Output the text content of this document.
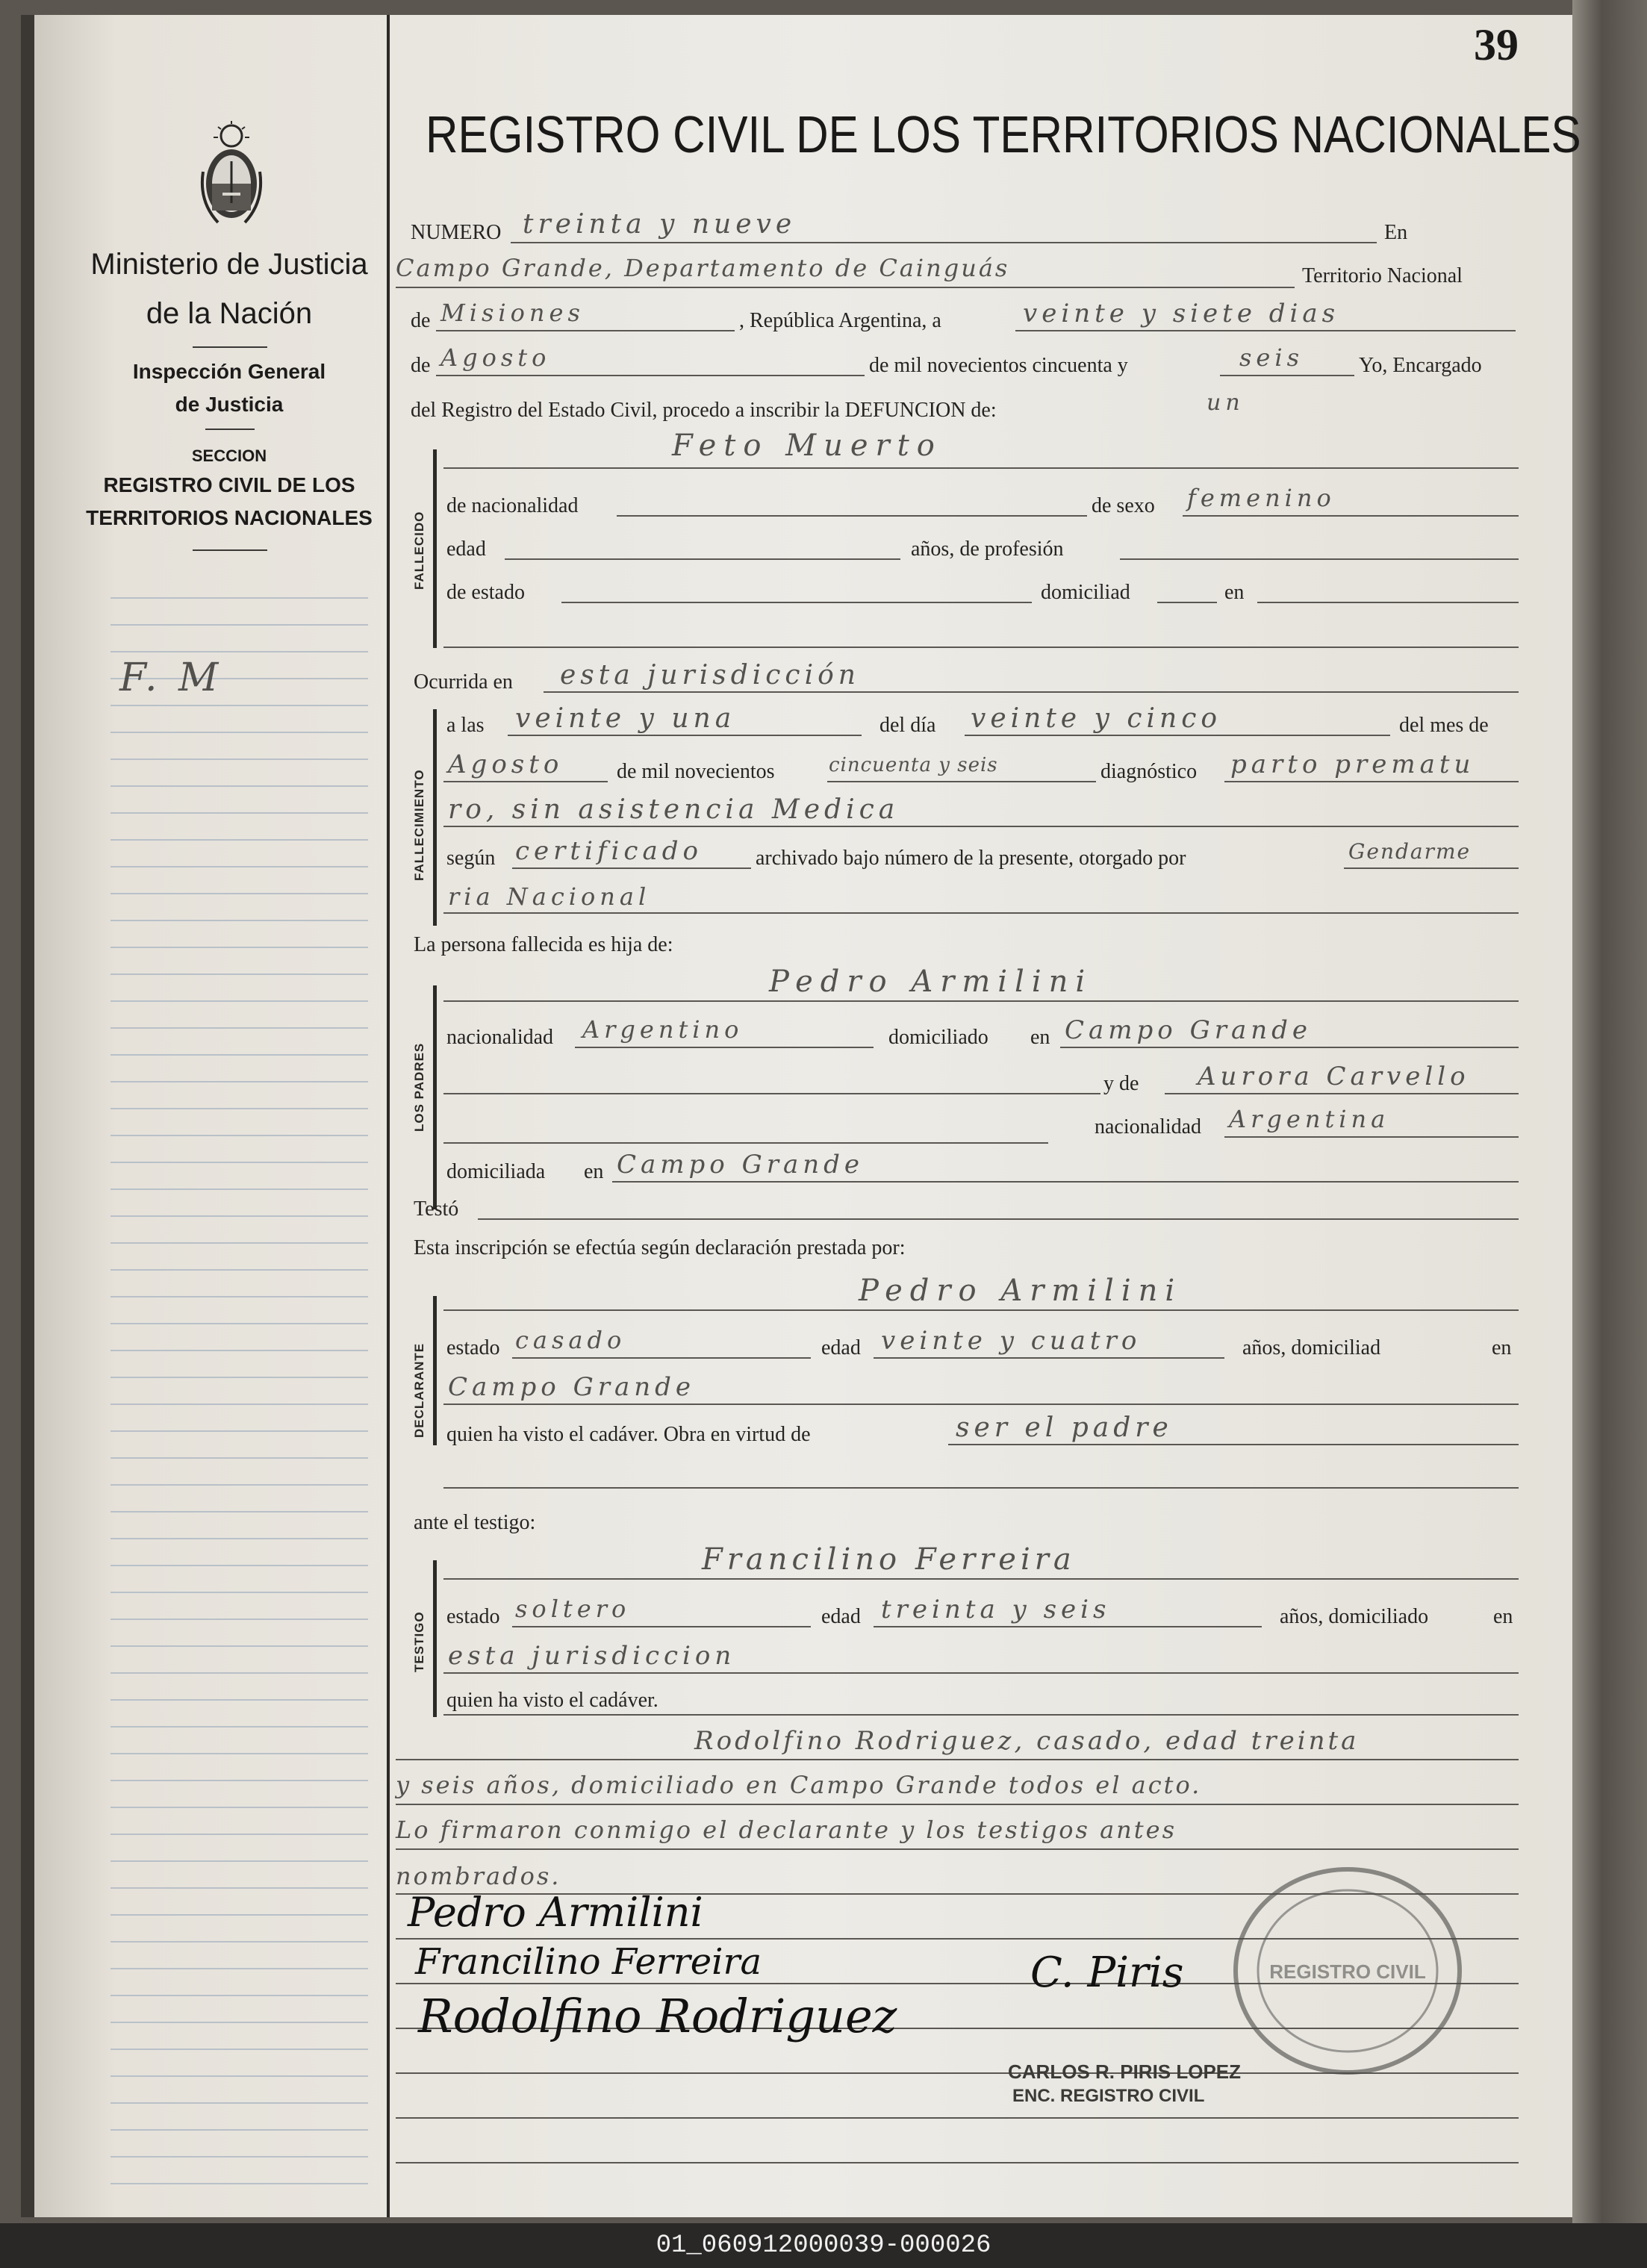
Ministerio de Justicia
de la Nación
Inspección General
de Justicia
SECCION
REGISTRO CIVIL DE LOS
TERRITORIOS NACIONALES
F. M
39
REGISTRO CIVIL DE LOS TERRITORIOS NACIONALES
NUMERO treinta y nueve	En
Campo Grande, Departamento de Cainguás	Territorio Nacional
de Misiones	, República Argentina, a	veinte y siete dias
de Agosto	de mil novecientos cincuenta y	seis	Yo, Encargado
del Registro del Estado Civil, procedo a inscribir la DEFUNCION de:	un
FALLECIDO
Feto Muerto
de nacionalidad	de sexo femenino
edad	años, de profesión
de estado	domiciliad	en
Ocurrida en esta jurisdicción
FALLECIMIENTO
a las veinte y una	del día veinte y cinco	del mes de
Agosto	de mil novecientos	cincuenta y seis	diagnóstico parto prematu
ro, sin asistencia Medica
según certificado	archivado bajo número de la presente, otorgado por	Gendarme
ria Nacional
La persona fallecida es hija de:
LOS PADRES
Pedro Armilini
nacionalidad Argentino	domiciliado en Campo Grande
y de Aurora Carvello
nacionalidad Argentina
domiciliada en Campo Grande
Testó
Esta inscripción se efectúa según declaración prestada por:
DECLARANTE
Pedro Armilini
estado casado	edad veinte y cuatro	años, domiciliad	en
Campo Grande
quien ha visto el cadáver. Obra en virtud de	ser el padre
ante el testigo:
TESTIGO
Francilino Ferreira
estado soltero	edad treinta y seis	años, domiciliado	en
esta jurisdiccion
quien ha visto el cadáver.
Rodolfino Rodriguez, casado, edad treinta
y seis años, domiciliado en Campo Grande todos el acto.
Lo firmaron conmigo el declarante y los testigos antes
nombrados.
Pedro Armilini
Francilino Ferreira
Rodolfino Rodriguez
C. Piris	REGISTRO CIVIL
CARLOS R. PIRIS LOPEZ
ENC. REGISTRO CIVIL
01_060912000039-000026
